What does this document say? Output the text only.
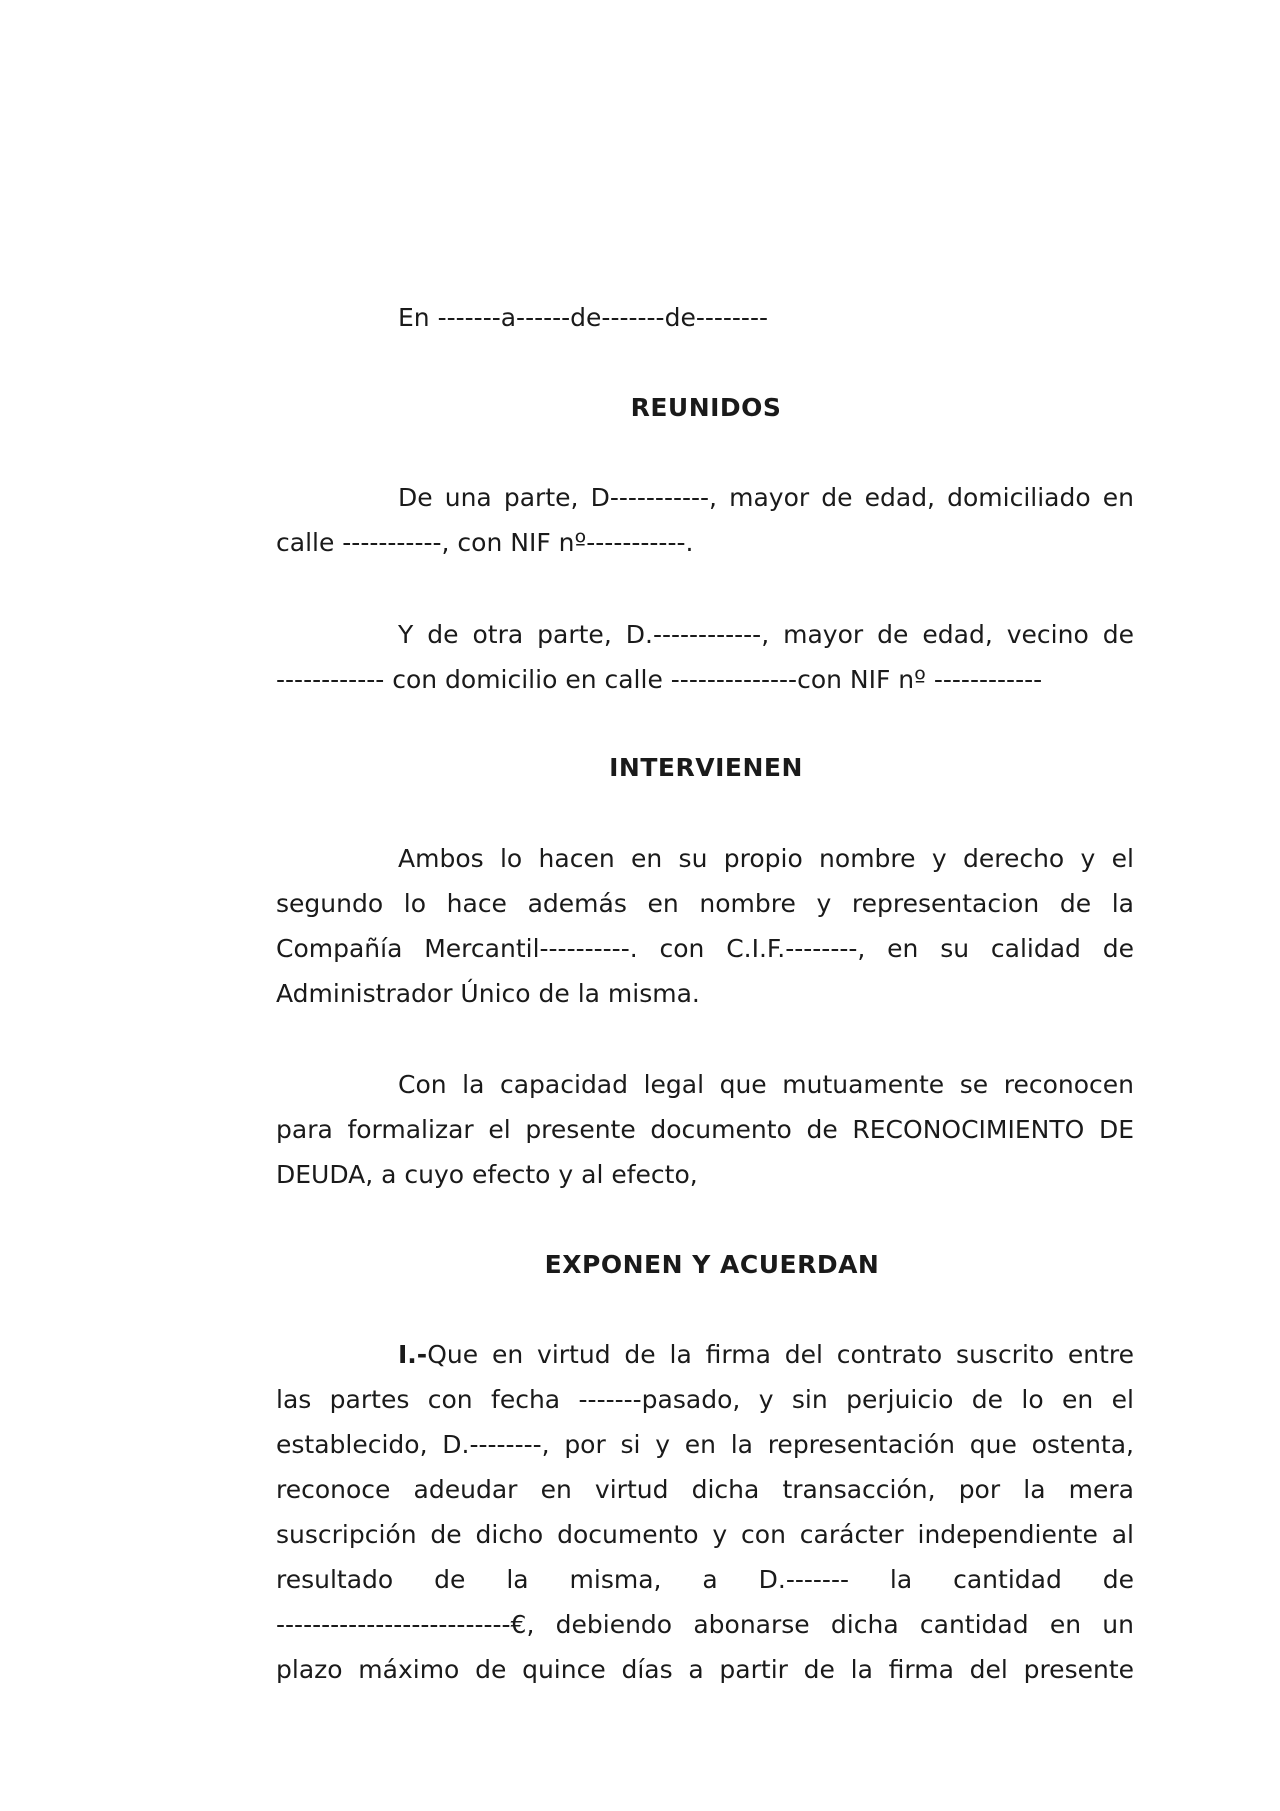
En -------a------de-------de--------
REUNIDOS
De una parte, D-----------, mayor de edad, domiciliado en
calle -----------, con NIF nº-----------.
Y de otra parte, D.------------, mayor de edad, vecino de
------------ con domicilio en calle --------------con NIF nº ------------
INTERVIENEN
Ambos lo hacen en su propio nombre y derecho y el
segundo lo hace además en nombre y representacion de la
Compañía Mercantil----------. con C.I.F.--------, en su calidad de
Administrador Único de la misma.
Con la capacidad legal que mutuamente se reconocen
para formalizar el presente documento de RECONOCIMIENTO DE
DEUDA, a cuyo efecto y al efecto,
EXPONEN Y ACUERDAN
I.-Que en virtud de la firma del contrato suscrito entre
las partes con fecha -------pasado, y sin perjuicio de lo en el
establecido, D.--------, por si y en la representación que ostenta,
reconoce adeudar en virtud dicha transacción, por la mera
suscripción de dicho documento y con carácter independiente al
resultado de la misma, a D.------- la cantidad de
--------------------------€, debiendo abonarse dicha cantidad en un
plazo máximo de quince días a partir de la firma del presente
